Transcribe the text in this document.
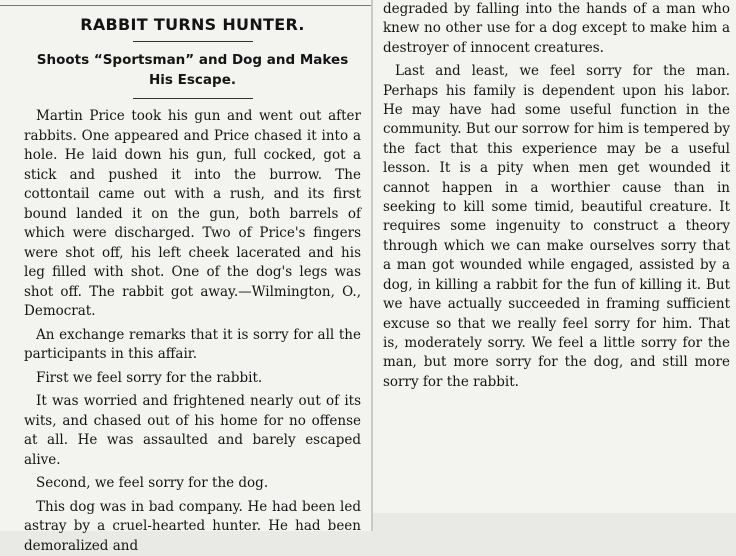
RABBIT TURNS HUNTER.
Shoots “Sportsman” and Dog and Makes His Escape.

Martin Price took his gun and went out after rabbits. One appeared and Price chased it into a hole. He laid down his gun, full cocked, got a stick and pushed it into the burrow. The cottontail came out with a rush, and its first bound landed it on the gun, both barrels of which were discharged. Two of Price's fingers were shot off, his left cheek lacerated and his leg filled with shot. One of the dog's legs was shot off. The rabbit got away.—Wilmington, O., Democrat.

An exchange remarks that it is sorry for all the participants in this affair.

First we feel sorry for the rabbit.

It was worried and frightened nearly out of its wits, and chased out of his home for no offense at all. He was assaulted and barely escaped alive.

Second, we feel sorry for the dog.

This dog was in bad company. He had been led astray by a cruel-hearted hunter. He had been demoralized and

degraded by falling into the hands of a man who knew no other use for a dog except to make him a destroyer of innocent creatures.

Last and least, we feel sorry for the man. Perhaps his family is dependent upon his labor. He may have had some useful function in the community. But our sorrow for him is tempered by the fact that this experience may be a useful lesson. It is a pity when men get wounded it cannot happen in a worthier cause than in seeking to kill some timid, beautiful creature. It requires some ingenuity to construct a theory through which we can make ourselves sorry that a man got wounded while engaged, assisted by a dog, in killing a rabbit for the fun of killing it. But we have actually succeeded in framing sufficient excuse so that we really feel sorry for him. That is, moderately sorry. We feel a little sorry for the man, but more sorry for the dog, and still more sorry for the rabbit.
